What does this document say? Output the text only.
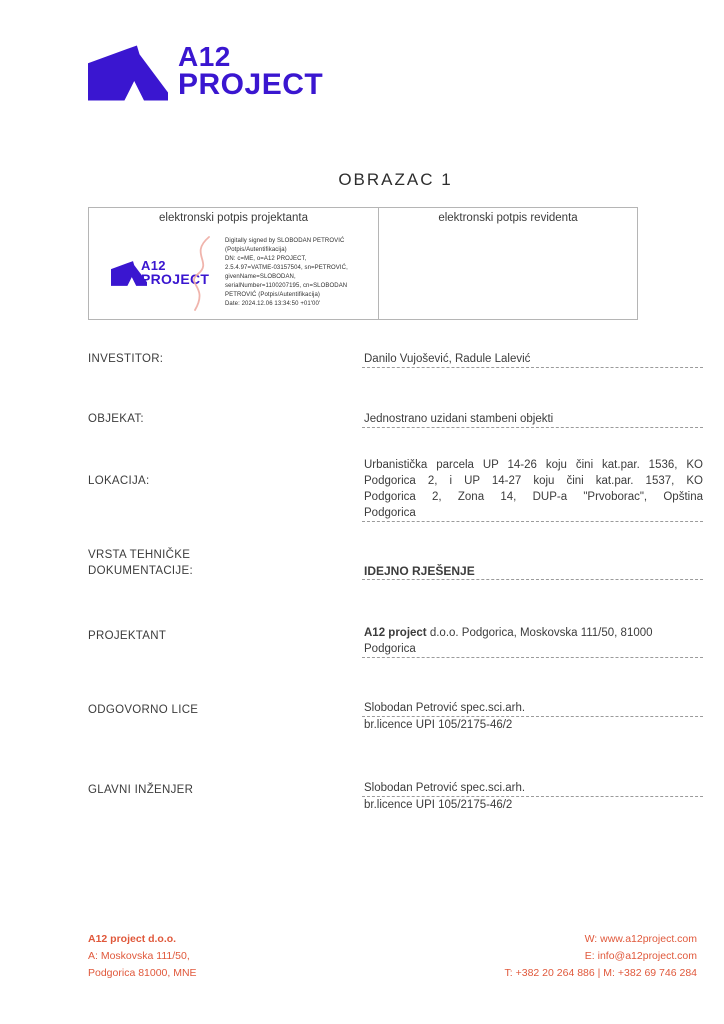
A12
PROJECT
OBRAZAC 1
elektronski potpis projektanta
A12
PROJECT
Digitally signed by SLOBODAN PETROVIĆ
(Potpis/Autentifikacija)
DN: c=ME, o=A12 PROJECT,
2.5.4.97=VATME-03157504, sn=PETROVIĆ,
givenName=SLOBODAN,
serialNumber=1100207195, cn=SLOBODAN
PETROVIĆ (Potpis/Autentifikacija)
Date: 2024.12.06 13:34:50 +01'00'
elektronski potpis revidenta
INVESTITOR:	Danilo Vujošević, Radule Lalević
OBJEKAT:	Jednostrano uzidani stambeni objekti
LOKACIJA:
Urbanistička parcela UP 14-26 koju čini kat.par. 1536, KO
Podgorica 2, i UP 14-27 koju čini kat.par. 1537, KO
Podgorica 2, Zona 14, DUP-a "Prvoborac", Opština
Podgorica
VRSTA TEHNIČKE
DOKUMENTACIJE:	IDEJNO RJEŠENJE
PROJEKTANT	A12 project d.o.o. Podgorica, Moskovska 111/50, 81000 Podgorica
ODGOVORNO LICE	Slobodan Petrović spec.sci.arh.
br.licence UPI 105/2175-46/2
GLAVNI INŽENJER	Slobodan Petrović spec.sci.arh.
br.licence UPI 105/2175-46/2
A12 project d.o.o.
A: Moskovska 111/50,
Podgorica 81000, MNE
W: www.a12project.com
E: info@a12project.com
T: +382 20 264 886 | M: +382 69 746 284
